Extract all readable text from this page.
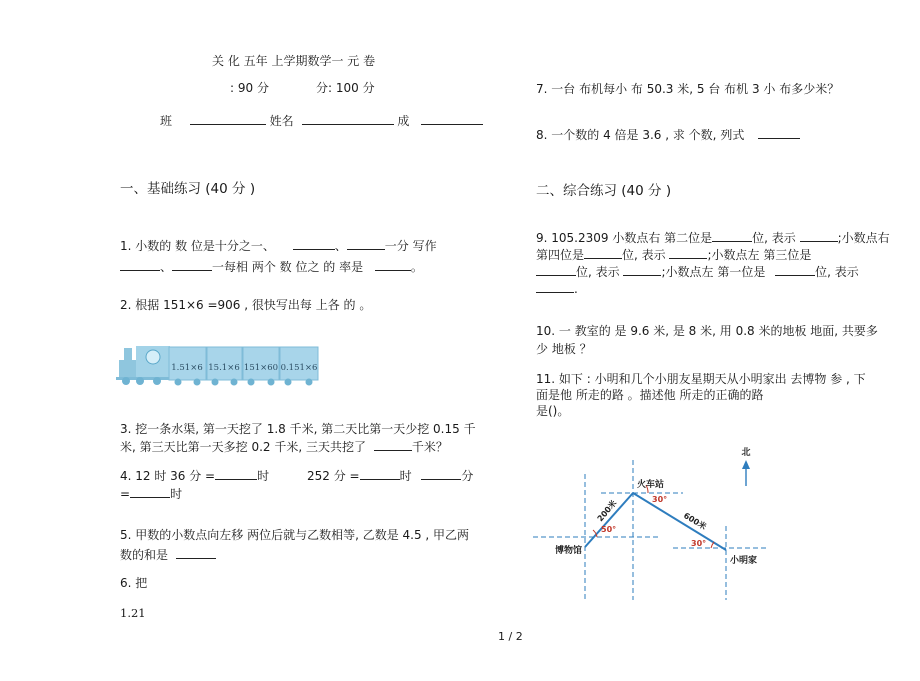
关 化 五年 上学期数学一 元 卷
: 90 分	分: 100 分
班	姓名	成
一、基础练习 (40 分 )
1. 小数的 数 位是十分之一、	、	一分 写作
、	一每相 两个 数 位之 的 率是	。
2. 根据 151×6 =906 , 很快写出每 上各 的 。
1.51×6 15.1×6 151×60 0.151×6
3. 挖一条水渠, 第一天挖了 1.8 千米, 第二天比第一天少挖 0.15 千
米, 第三天比第一天多挖 0.2 千米, 三天共挖了	千米？
4. 12 时 36 分 =	时	252 分 =	时	分
=	时
5. 甲数的小数点向左移 两位后就与乙数相等, 乙数是 4.5 , 甲乙两
数的和是
6. 把
1.21
7. 一台 布机每小 布 50.3 米, 5 台 布机 3 小 布多少米？
8. 一个数的 4 倍是 3.6 , 求 个数, 列式
二、综合练习 (40 分 )
9. 105.2309 小数点右 第二位是	位, 表示	;小数点右
第四位是	位, 表示	;小数点左 第三位是
位, 表示	;小数点左 第一位是	位, 表示
.
10. 一 教室的 是 9.6 米, 是 8 米, 用 0.8 米的地板 地面, 共要多
少 地板 ？
11. 如下 : 小明和几个小朋友星期天从小明家出 去博物 参 , 下
面是他 所走的路 。描述他 所走的正确的路
是()。
北
火车站
博物馆
小明家
200米	600米
30°
50°
30°
1 / 2
